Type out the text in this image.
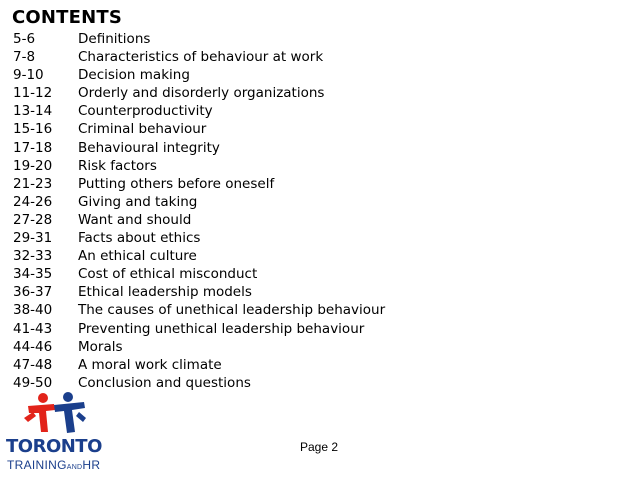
CONTENTS
5-6	Definitions
7-8	Characteristics of behaviour at work
9-10	Decision making
11-12	Orderly and disorderly organizations
13-14	Counterproductivity
15-16	Criminal behaviour
17-18	Behavioural integrity
19-20	Risk factors
21-23	Putting others before oneself
24-26	Giving and taking
27-28	Want and should
29-31	Facts about ethics
32-33	An ethical culture
34-35	Cost of ethical misconduct
36-37	Ethical leadership models
38-40	The causes of unethical leadership behaviour
41-43	Preventing unethical leadership behaviour
44-46	Morals
47-48	A moral work climate
49-50	Conclusion and questions
TORONTO
TRAININGANDHR
Page 2
